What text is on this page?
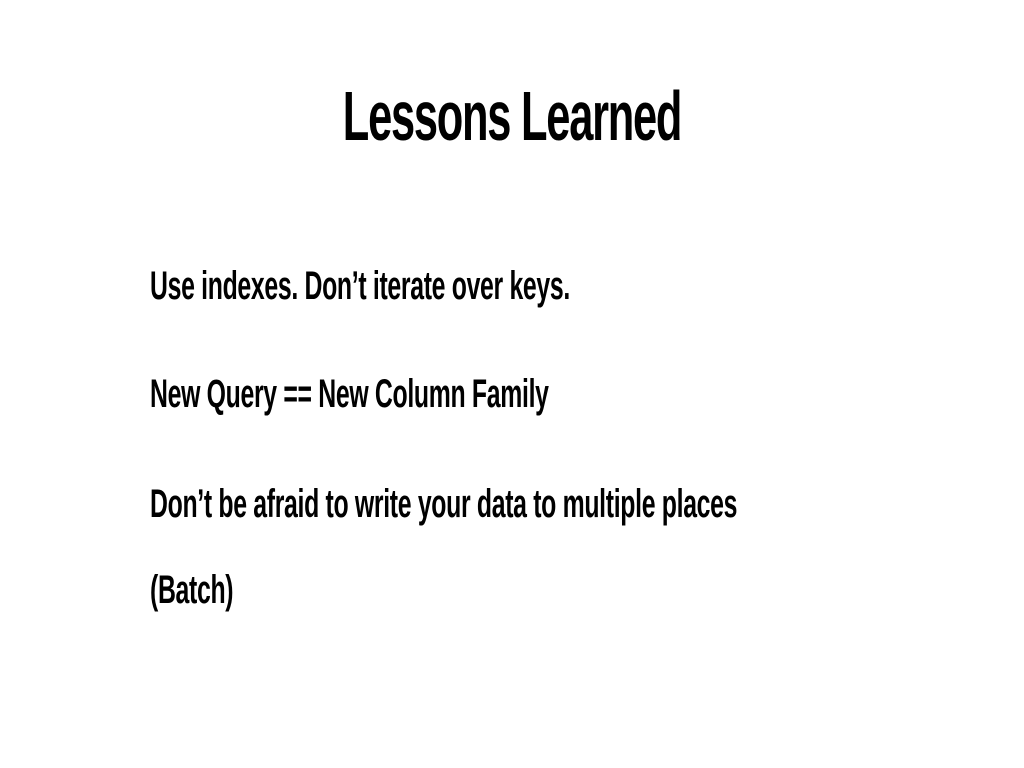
Lessons Learned
Use indexes. Don’t iterate over keys.
New Query == New Column Family
Don’t be afraid to write your data to multiple places
(Batch)
